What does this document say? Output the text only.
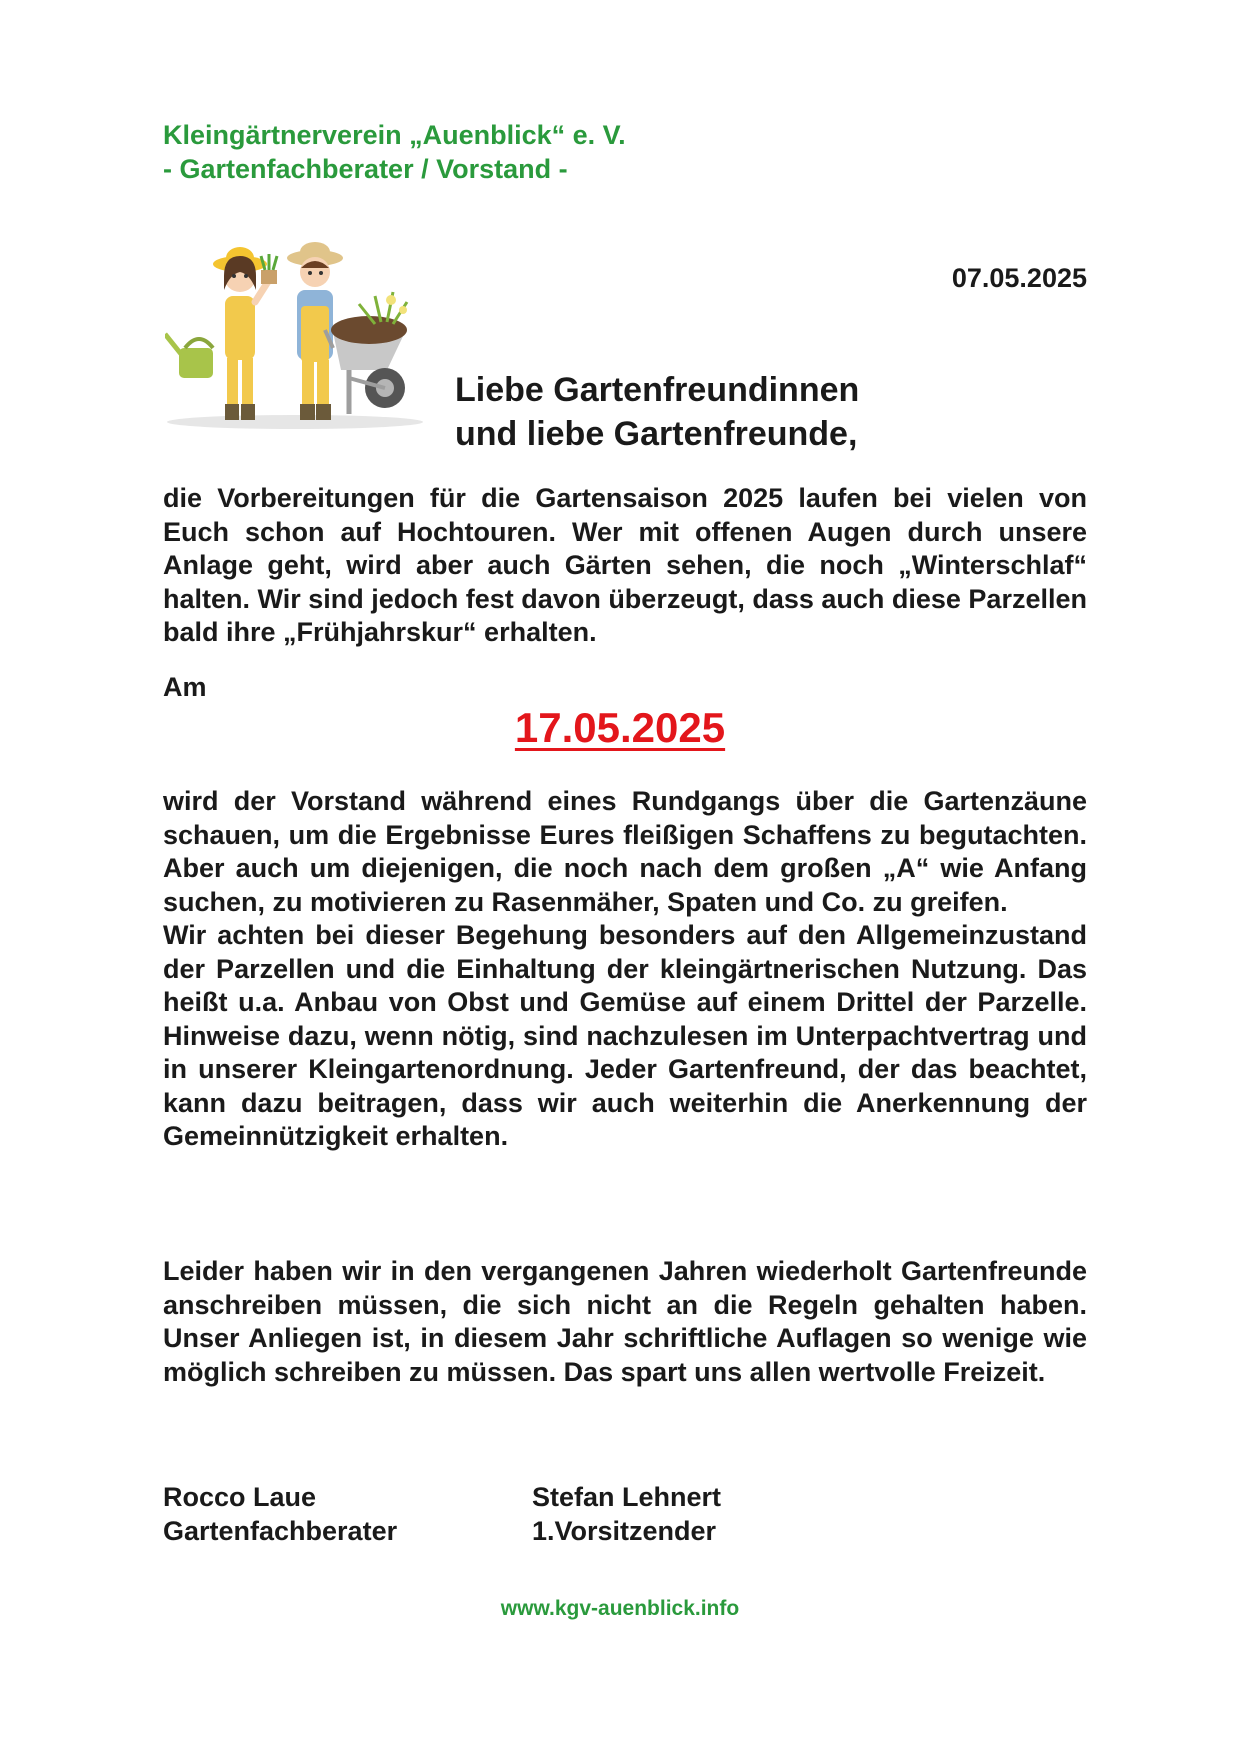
Kleingärtnerverein „Auenblick“ e. V.
- Gartenfachberater / Vorstand -
07.05.2025
Liebe Gartenfreundinnen
und liebe Gartenfreunde,
die Vorbereitungen für die Gartensaison 2025 laufen bei vielen von Euch schon auf Hochtouren. Wer mit offenen Augen durch unsere Anlage geht, wird aber auch Gärten sehen, die noch „Winterschlaf“ halten. Wir sind jedoch fest davon überzeugt, dass auch diese Parzellen bald ihre „Frühjahrskur“ erhalten.
Am
17.05.2025
wird der Vorstand während eines Rundgangs über die Gartenzäune schauen, um die Ergebnisse Eures fleißigen Schaffens zu begutachten. Aber auch um diejenigen, die noch nach dem großen „A“ wie Anfang suchen, zu motivieren zu Rasenmäher, Spaten und Co. zu greifen.
Wir achten bei dieser Begehung besonders auf den Allgemeinzustand der Parzellen und die Einhaltung der kleingärtnerischen Nutzung. Das heißt u.a. Anbau von Obst und Gemüse auf einem Drittel der Parzelle. Hinweise dazu, wenn nötig, sind nachzulesen im Unterpachtvertrag und in unserer Kleingartenordnung. Jeder Gartenfreund, der das beachtet, kann dazu beitragen, dass wir auch weiterhin die Anerkennung der Gemeinnützigkeit erhalten.
Leider haben wir in den vergangenen Jahren wiederholt Gartenfreunde anschreiben müssen, die sich nicht an die Regeln gehalten haben. Unser Anliegen ist, in diesem Jahr schriftliche Auflagen so wenige wie möglich schreiben zu müssen. Das spart uns allen wertvolle Freizeit.
Rocco Laue
Gartenfachberater
Stefan Lehnert
1.Vorsitzender
www.kgv-auenblick.info
